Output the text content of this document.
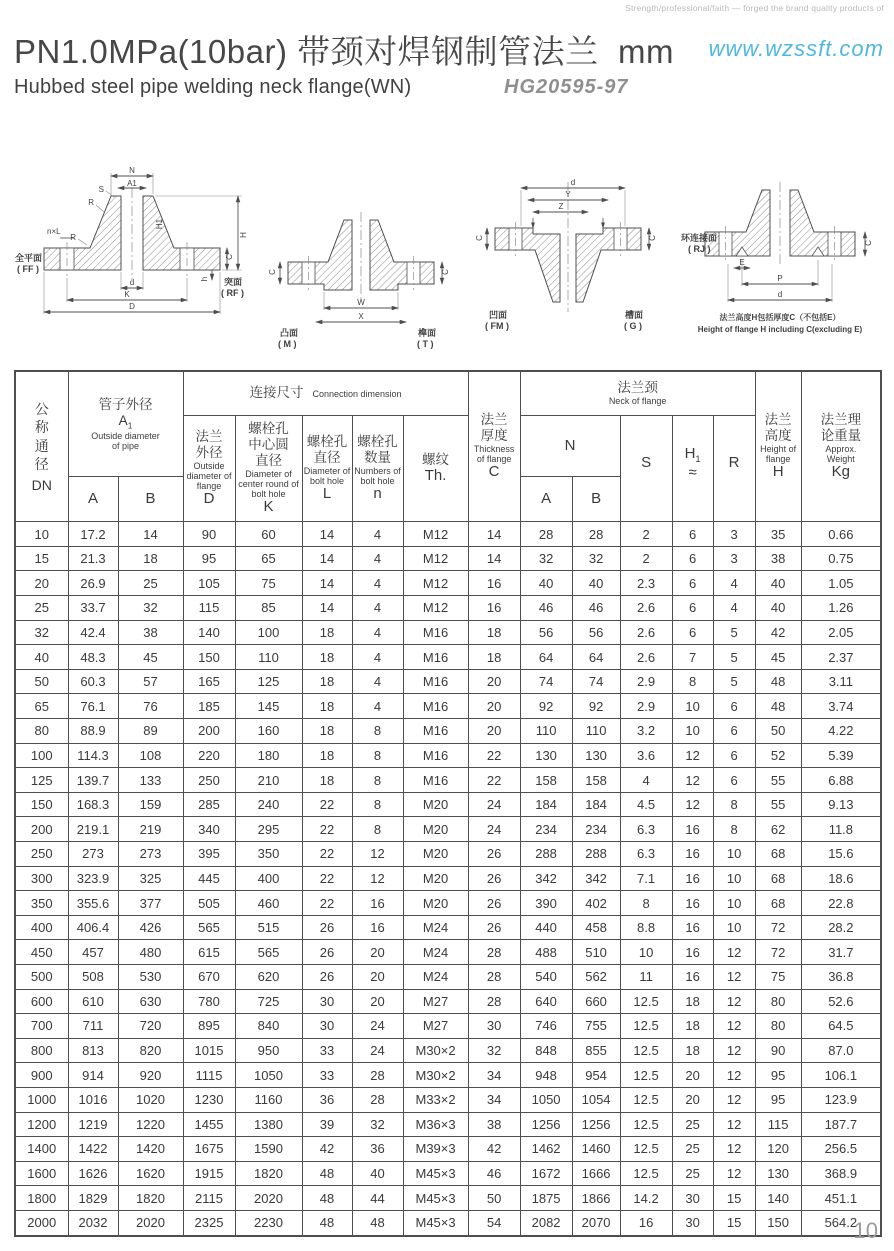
Strength/professional/faith — forged the brand quality products of
www.wzssft.com
PN1.0MPa(10bar) 带颈对焊钢制管法兰  mm
Hubbed steel pipe welding neck flange(WN)	HG20595-97
N
A1
S
R
R
n×L
H1
H
C
h
d
K
D
全平面
( FF )
突面
( RF )
C	C
W
X
凸面
( M )
榫面
( T )
d
Y
Z
C	C
凹面
( FM )
槽面
( G )
C
E
P
d
环连接面
( RJ )
法兰高度H包括厚度C（不包括E）
Height of flange H including C(excluding E)
公称通径
DN

管子外径
$A_1$
Outside diameter
of pipe
	连接尺寸 Connection dimension	
法兰厚度
Thickness of flange
C

法兰颈
Neck of flange

法兰高度
Height of flange
H

法兰理论重量
Approx. Weight
Kg

法兰外径
Outside diameter of flange
D

螺栓孔中心圆直径
Diameter of center round of bolt hole
K

螺栓孔直径
Diameter of bolt hole
L

螺栓孔数量
Numbers of bolt hole
n

螺纹
Th.
	N	
S

$H_1$
≈

R

	A	B							A	B					
10	17.2	14	90	60	14	4	M12	14	28	28	2	6	3	35	0.66
15	21.3	18	95	65	14	4	M12	14	32	32	2	6	3	38	0.75
20	26.9	25	105	75	14	4	M12	16	40	40	2.3	6	4	40	1.05
25	33.7	32	115	85	14	4	M12	16	46	46	2.6	6	4	40	1.26
32	42.4	38	140	100	18	4	M16	18	56	56	2.6	6	5	42	2.05
40	48.3	45	150	110	18	4	M16	18	64	64	2.6	7	5	45	2.37
50	60.3	57	165	125	18	4	M16	20	74	74	2.9	8	5	48	3.11
65	76.1	76	185	145	18	4	M16	20	92	92	2.9	10	6	48	3.74
80	88.9	89	200	160	18	8	M16	20	110	110	3.2	10	6	50	4.22
100	114.3	108	220	180	18	8	M16	22	130	130	3.6	12	6	52	5.39
125	139.7	133	250	210	18	8	M16	22	158	158	4	12	6	55	6.88
150	168.3	159	285	240	22	8	M20	24	184	184	4.5	12	8	55	9.13
200	219.1	219	340	295	22	8	M20	24	234	234	6.3	16	8	62	11.8
250	273	273	395	350	22	12	M20	26	288	288	6.3	16	10	68	15.6
300	323.9	325	445	400	22	12	M20	26	342	342	7.1	16	10	68	18.6
350	355.6	377	505	460	22	16	M20	26	390	402	8	16	10	68	22.8
400	406.4	426	565	515	26	16	M24	26	440	458	8.8	16	10	72	28.2
450	457	480	615	565	26	20	M24	28	488	510	10	16	12	72	31.7
500	508	530	670	620	26	20	M24	28	540	562	11	16	12	75	36.8
600	610	630	780	725	30	20	M27	28	640	660	12.5	18	12	80	52.6
700	711	720	895	840	30	24	M27	30	746	755	12.5	18	12	80	64.5
800	813	820	1015	950	33	24	M30×2	32	848	855	12.5	18	12	90	87.0
900	914	920	1115	1050	33	28	M30×2	34	948	954	12.5	20	12	95	106.1
1000	1016	1020	1230	1160	36	28	M33×2	34	1050	1054	12.5	20	12	95	123.9
1200	1219	1220	1455	1380	39	32	M36×3	38	1256	1256	12.5	25	12	115	187.7
1400	1422	1420	1675	1590	42	36	M39×3	42	1462	1460	12.5	25	12	120	256.5
1600	1626	1620	1915	1820	48	40	M45×3	46	1672	1666	12.5	25	12	130	368.9
1800	1829	1820	2115	2020	48	44	M45×3	50	1875	1866	14.2	30	15	140	451.1
2000	2032	2020	2325	2230	48	48	M45×3	54	2082	2070	16	30	15	150	564.2
10
